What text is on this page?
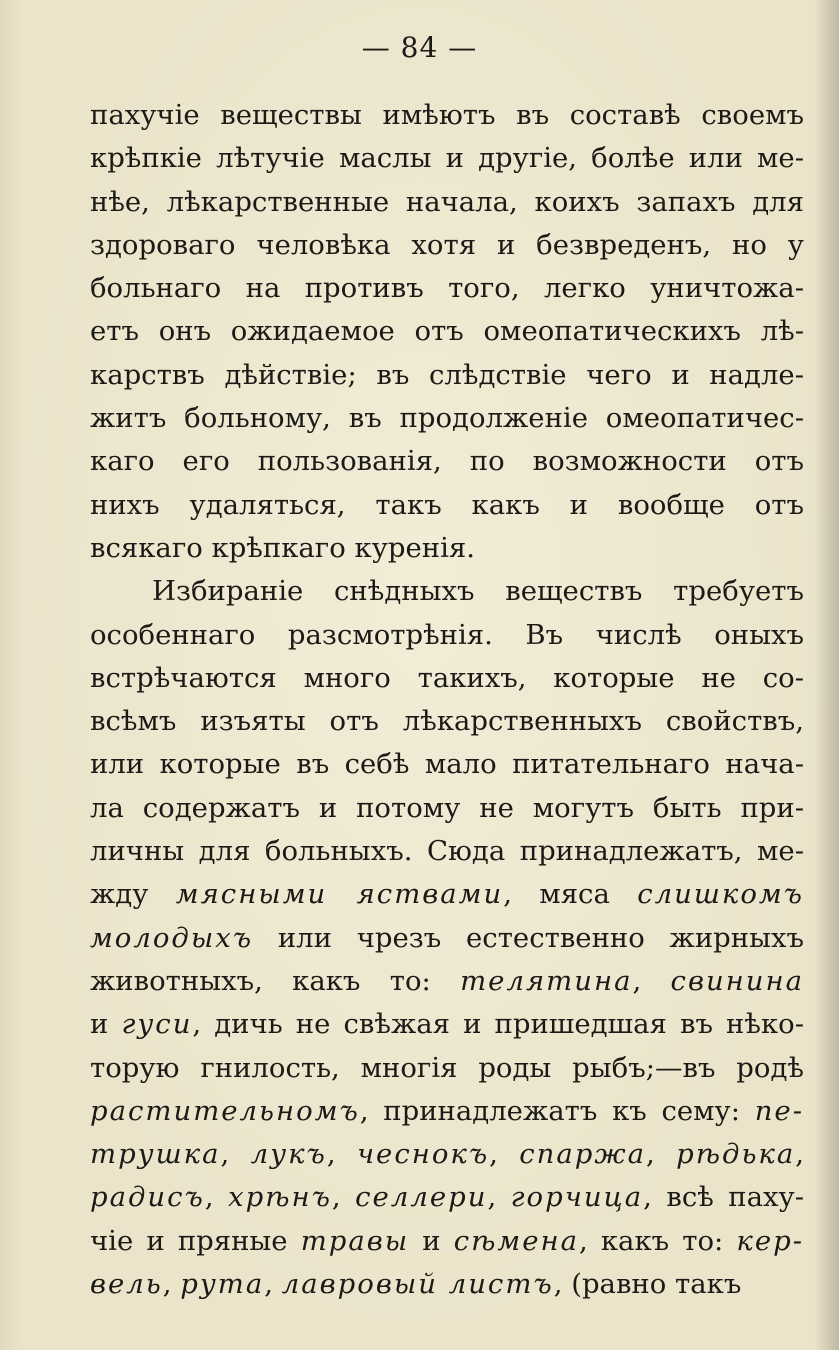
— 84 —
пахучіе веществы имѣютъ въ составѣ своемъ
крѣпкіе лѣтучіе маслы и другіе, болѣе или ме-
нѣе, лѣкарственные начала, коихъ запахъ для
здороваго человѣка хотя и безвреденъ, но у
больнаго на противъ того, легко уничтожа-
етъ онъ ожидаемое отъ омеопатическихъ лѣ-
карствъ дѣйствіе; въ слѣдствіе чего и надле-
житъ больному, въ продолженіе омеопатичес-
каго его пользованія, по возможности отъ
нихъ удаляться, такъ какъ и вообще отъ
всякаго крѣпкаго куренія.
Избираніе снѣдныхъ веществъ требуетъ
особеннаго разсмотрѣнія. Въ числѣ оныхъ
встрѣчаются много такихъ, которые не со-
всѣмъ изъяты отъ лѣкарственныхъ свойствъ,
или которые въ себѣ мало питательнаго нача-
ла содержатъ и потому не могутъ быть при-
личны для больныхъ. Сюда принадлежатъ, ме-
жду мясными яствами, мяса слишкомъ
молодыхъ или чрезъ естественно жирныхъ
животныхъ, какъ то: телятина, свинина
и гуси, дичь не свѣжая и пришедшая въ нѣко-
торую гнилость, многія роды рыбъ;—въ родѣ
растительномъ, принадлежатъ къ сему: пе-
трушка, лукъ, чеснокъ, спаржа, рѣдька,
радисъ, хрѣнъ, селлери, горчица, всѣ паху-
чіе и пряные травы и сѣмена, какъ то: кер-
вель, рута, лавровый листъ, (равно такъ
